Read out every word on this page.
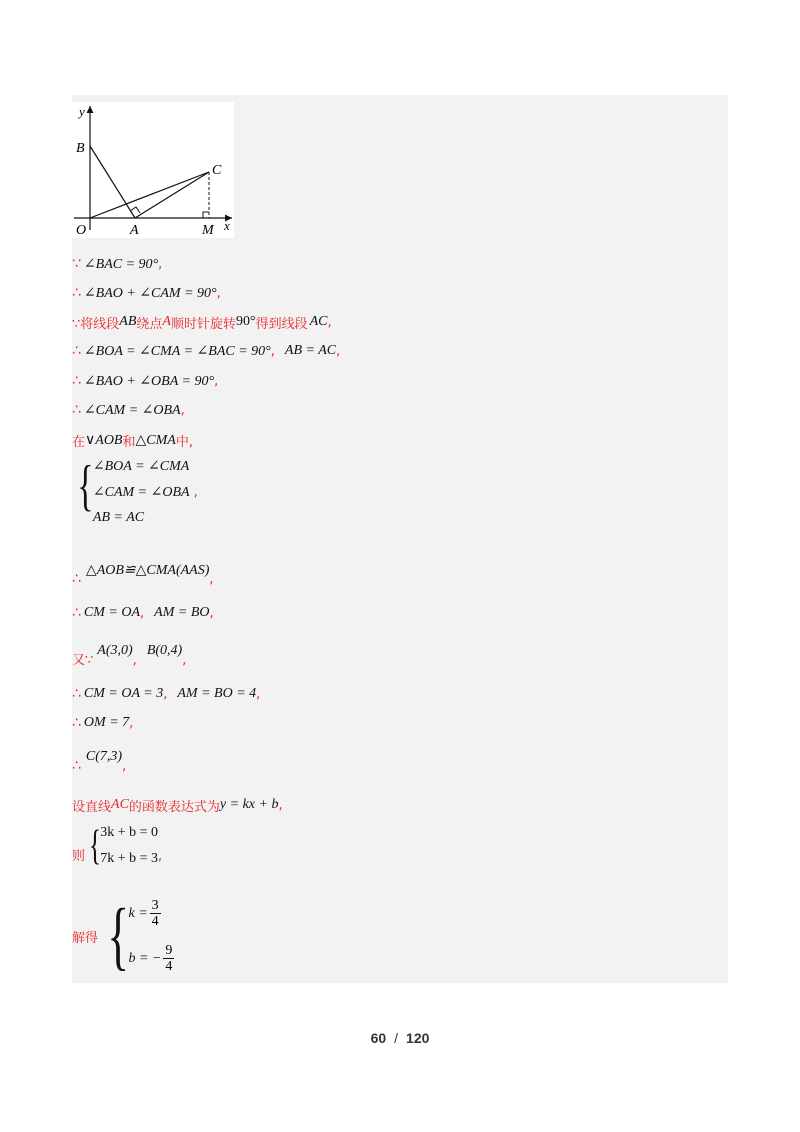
y
B
C
O	A	M x
∵ ∠BAC = 90° ,
∴ ∠BAO + ∠CAM = 90° ,
∵将线段 AB 绕点 A 顺时针旋转 90° 得到线段 AC ,
∴ ∠BOA = ∠CMA = ∠BAC = 90° , AB = AC ,
∴ ∠BAO + ∠OBA = 90° ,
∴ ∠CAM = ∠OBA ,
在 ∨AOB 和 △CMA 中,
{ ∠BOA = ∠CMA
∠CAM = ∠OBA
AB = AC
,
∴
△AOB≌△CMA(AAS)
,
∴ CM = OA , AM = BO ,
又∵
A(3,0)
,
B(0,4)
,
∴ CM = OA = 3 , AM = BO = 4 ,
∴ OM = 7 ,
∴
C(7,3)
,
设直线 AC 的函数表达式为 y = kx + b ,
则 { 3k + b = 0
7k + b = 3 ,
解得 { $k = \frac{3}{4}$
b = − $\frac{9}{4}$
60 / 120
